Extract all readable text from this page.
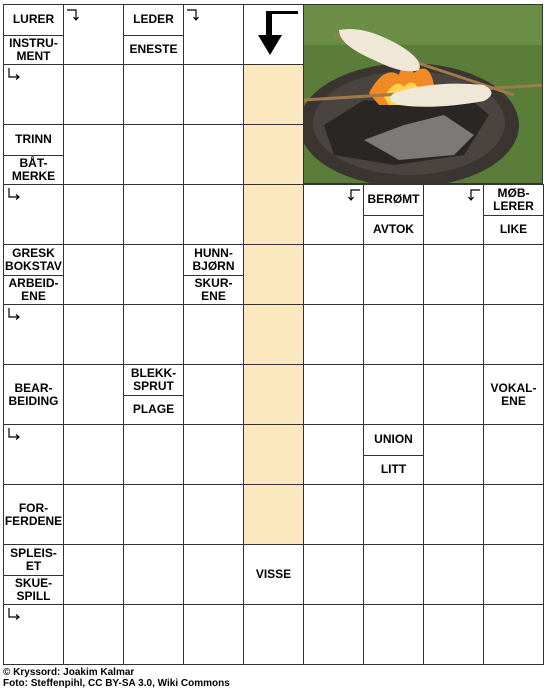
LURER
INSTRU-
MENT
LEDER
ENESTE
TRINN
BÅT-
MERKE
BERØMT
AVTOK
MØB-
LERER
LIKE
GRESK
BOKSTAV
ARBEID-
ENE
HUNN-
BJØRN
SKUR-
ENE
BEAR-
BEIDING
BLEKK-
SPRUT
PLAGE
VOKAL-
ENE
UNION
LITT
FOR-
FERDENE
SPLEIS-
ET
SKUE-
SPILL
VISSE
© Kryssord: Joakim Kalmar
Foto: Steffenpihl, CC BY-SA 3.0, Wiki Commons
